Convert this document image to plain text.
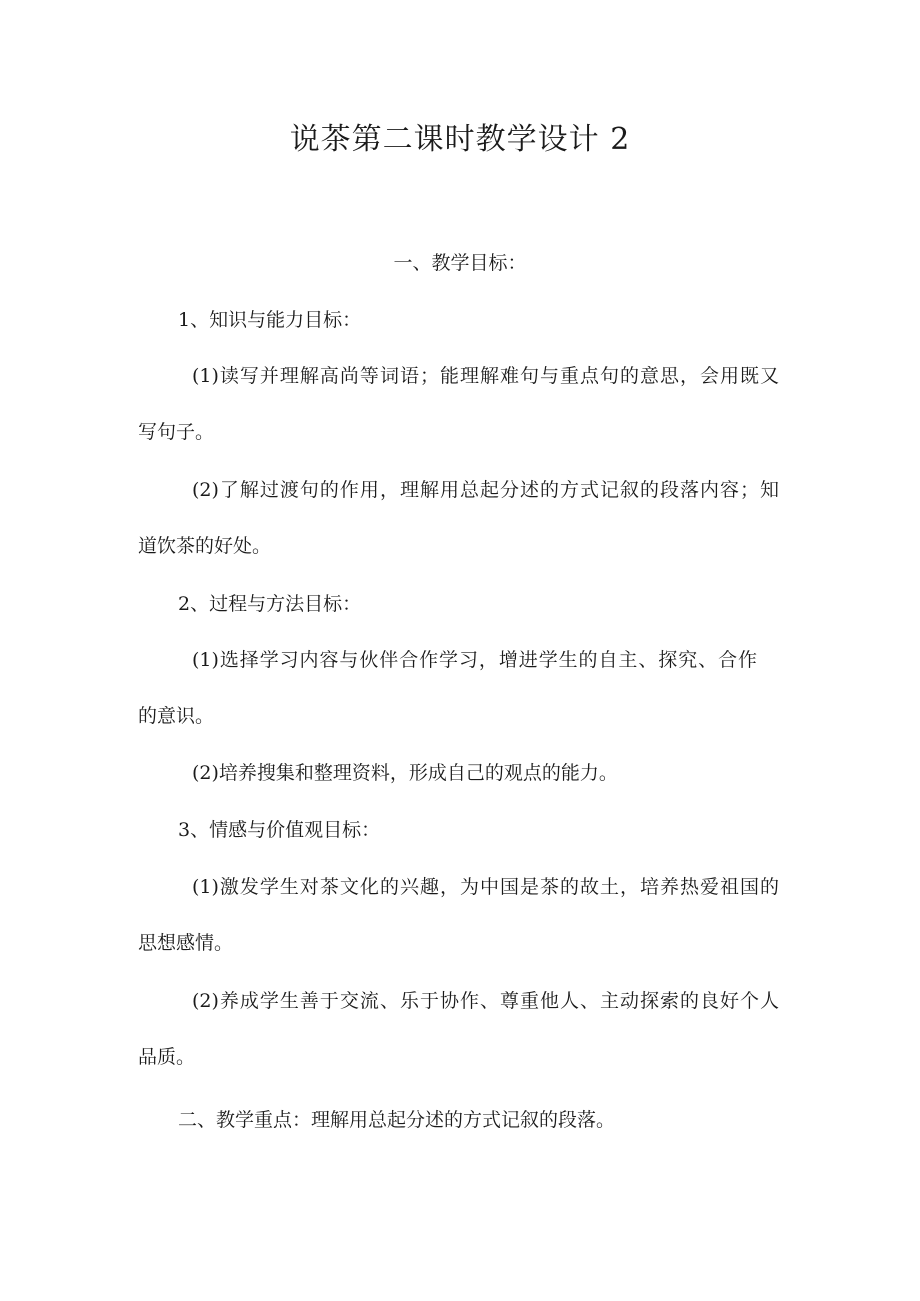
说茶第二课时教学设计 2
一、教学目标：
1、知识与能力目标：
(1)读写并理解高尚等词语；能理解难句与重点句的意思，会用既又
写句子。
(2)了解过渡句的作用，理解用总起分述的方式记叙的段落内容；知
道饮茶的好处。
2、过程与方法目标：
(1)选择学习内容与伙伴合作学习，增进学生的自主、探究、合作
的意识。
(2)培养搜集和整理资料，形成自己的观点的能力。
3、情感与价值观目标：
(1)激发学生对茶文化的兴趣，为中国是茶的故土，培养热爱祖国的
思想感情。
(2)养成学生善于交流、乐于协作、尊重他人、主动探索的良好个人
品质。
二、教学重点：理解用总起分述的方式记叙的段落。
